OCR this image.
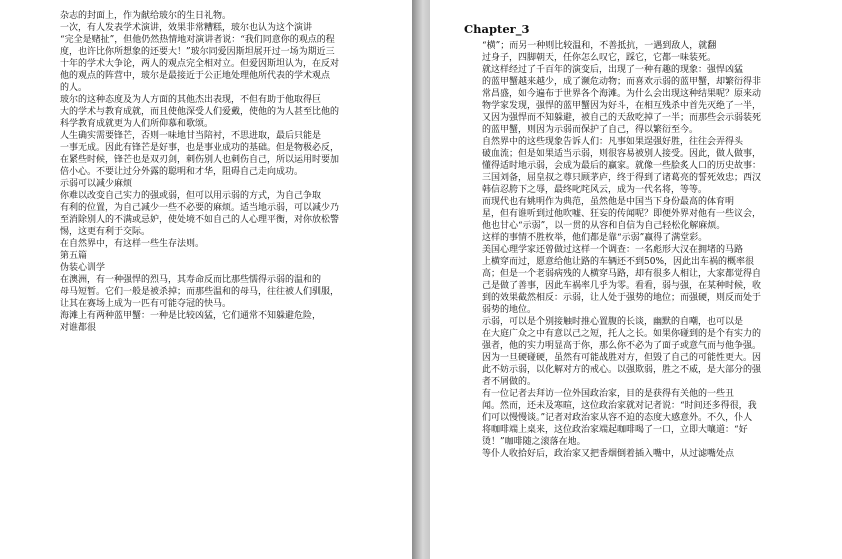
杂志的封面上，作为献给玻尔的生日礼物。
一次，有人发表学术演讲，效果非常糟糕，玻尔也认为这个演讲
“完全是赌扯”，但他仍然热情地对演讲者说：“我们同意你的观点的程
度，也许比你所想象的还要大！”玻尔同爱因斯坦展开过一场为期近三
十年的学术大争论，两人的观点完全相对立。但爱因斯坦认为，在反对
他的观点的阵营中，玻尔是最接近于公正地处理他所代表的学术观点
的人。
玻尔的这种态度及为人方面的其他杰出表现，不但有助于他取得巨
大的学术与教育成就，而且使他深受人们爱戴，使他的为人甚至比他的
科学教育成就更为人们所仰慕和歌颂。
人生确实需要锋芒，否则一味地甘当陪衬，不思进取，最后只能是
一事无成。因此有锋芒是好事，也是事业成功的基础。但是物极必反，
在紧些时候，锋芒也是双刃剑，刺伤别人也刺伤自己，所以运用时要加
倍小心。不要让过分外露的聪明和才华，阻碍自己走向成功。
示弱可以减少麻烦
你难以改变自己实力的强或弱，但可以用示弱的方式，为自己争取
有利的位置，为自己减少一些不必要的麻烦。适当地示弱，可以减少乃
至消除别人的不满或忌妒，使处境不如自己的人心理平衡，对你放松警
惕，这更有利于交际。
在自然界中，有这样一些生存法则。
第五篇
伪装心训学
在澳洲，有一种强悍的烈马，其寿命反而比那些懦得示弱的温和的
母马短暂。它们一般是被杀掉；而那些温和的母马，往往被人们驯服，
让其在赛场上成为一匹有可能夺冠的快马。
海滩上有两种蓝甲蟹：一种是比较凶猛，它们通常不知躲避危险，
对谁都很
Chapter_3
“横”；而另一种则比较温和，不善抵抗，一遇到敌人，就翻
过身子，四脚朝天，任你怎么叹它，踩它，它都一味装死。
就这样经过了千百年的演变后，出现了一种有趣的现象：强悍凶猛
的蓝甲蟹越来越少，成了濒危动物；而喜欢示弱的蓝甲蟹，却繁衍得非
常昌盛，如今遍布于世界各个海滩。为什么会出现这种结果呢？原来动
物学家发现，强悍的蓝甲蟹因为好斗，在相互残杀中首先灭绝了一半，
又因为强悍而不知躲避，被自己的天敌吃掉了一半；而那些会示弱装死
的蓝甲蟹，则因为示弱而保护了自己，得以繁衍至今。
自然界中的这些现象告诉人们：凡事如果逞强好胜，往往会弄得头
破血流；但是如果适当示弱，则很容易被别人接受。因此，做人做事，
懂得适时地示弱，会成为最后的赢家。就像一些脍炙人口的历史故事：
三国刘备，屈皇叔之尊只顾茅庐，终于得到了诸葛亮的誓死效忠；西汉
韩信忍胯下之辱，最终叱咤风云，成为一代名将，等等。
而现代也有姚明作为典范，虽然他是中国当下身份最高的体育明
星，但有谁听到过他吹嘘、狂妄的传闻呢？即便外界对他有一些议会，
他也甘心“示弱”，以一贯的从容和自信为自己轻松化解麻烦。
这样的事情不胜枚举，他们都是靠“示弱”赢得了满堂彩。
美国心理学家还曾做过这样一个调查：一名彪形大汉在拥堵的马路
上横穿而过，愿意给他让路的车辆还不到50%，因此出车祸的概率很
高；但是一个老弱病残的人横穿马路，却有很多人相让，大家都觉得自
己是做了善事，因此车祸率几乎为零。看看，弱与强，在某种时候，收
到的效果截然相反：示弱，让人处于强势的地位；而强硬，则反而处于
弱势的地位。
示弱，可以是个别接触时推心置腹的长谈，幽默的自嘲，也可以是
在大庭广众之中有意以己之短，托人之长。如果你碰到的是个有实力的
强者，他的实力明显高于你，那么你不必为了面子或意气而与他争强。
因为一旦硬碰硬，虽然有可能战胜对方，但毁了自己的可能性更大。因
此不妨示弱，以化解对方的戒心。以强欺弱，胜之不威，是大部分的强
者不屑做的。
有一位记者去拜访一位外国政治家，目的是获得有关他的一些丑
闻。然而，还未及寒暄，这位政治家就对记者说：“时间还多得很，我
们可以慢慢谈。”记者对政治家从容不迫的态度大感意外。不久，仆人
将咖啡端上桌来，这位政治家端起咖啡喝了一口，立即大嚷道：“好
烫！”咖啡随之滚落在地。
等仆人收拾好后，政治家又把香烟倒着插入嘴中，从过滤嘴处点
